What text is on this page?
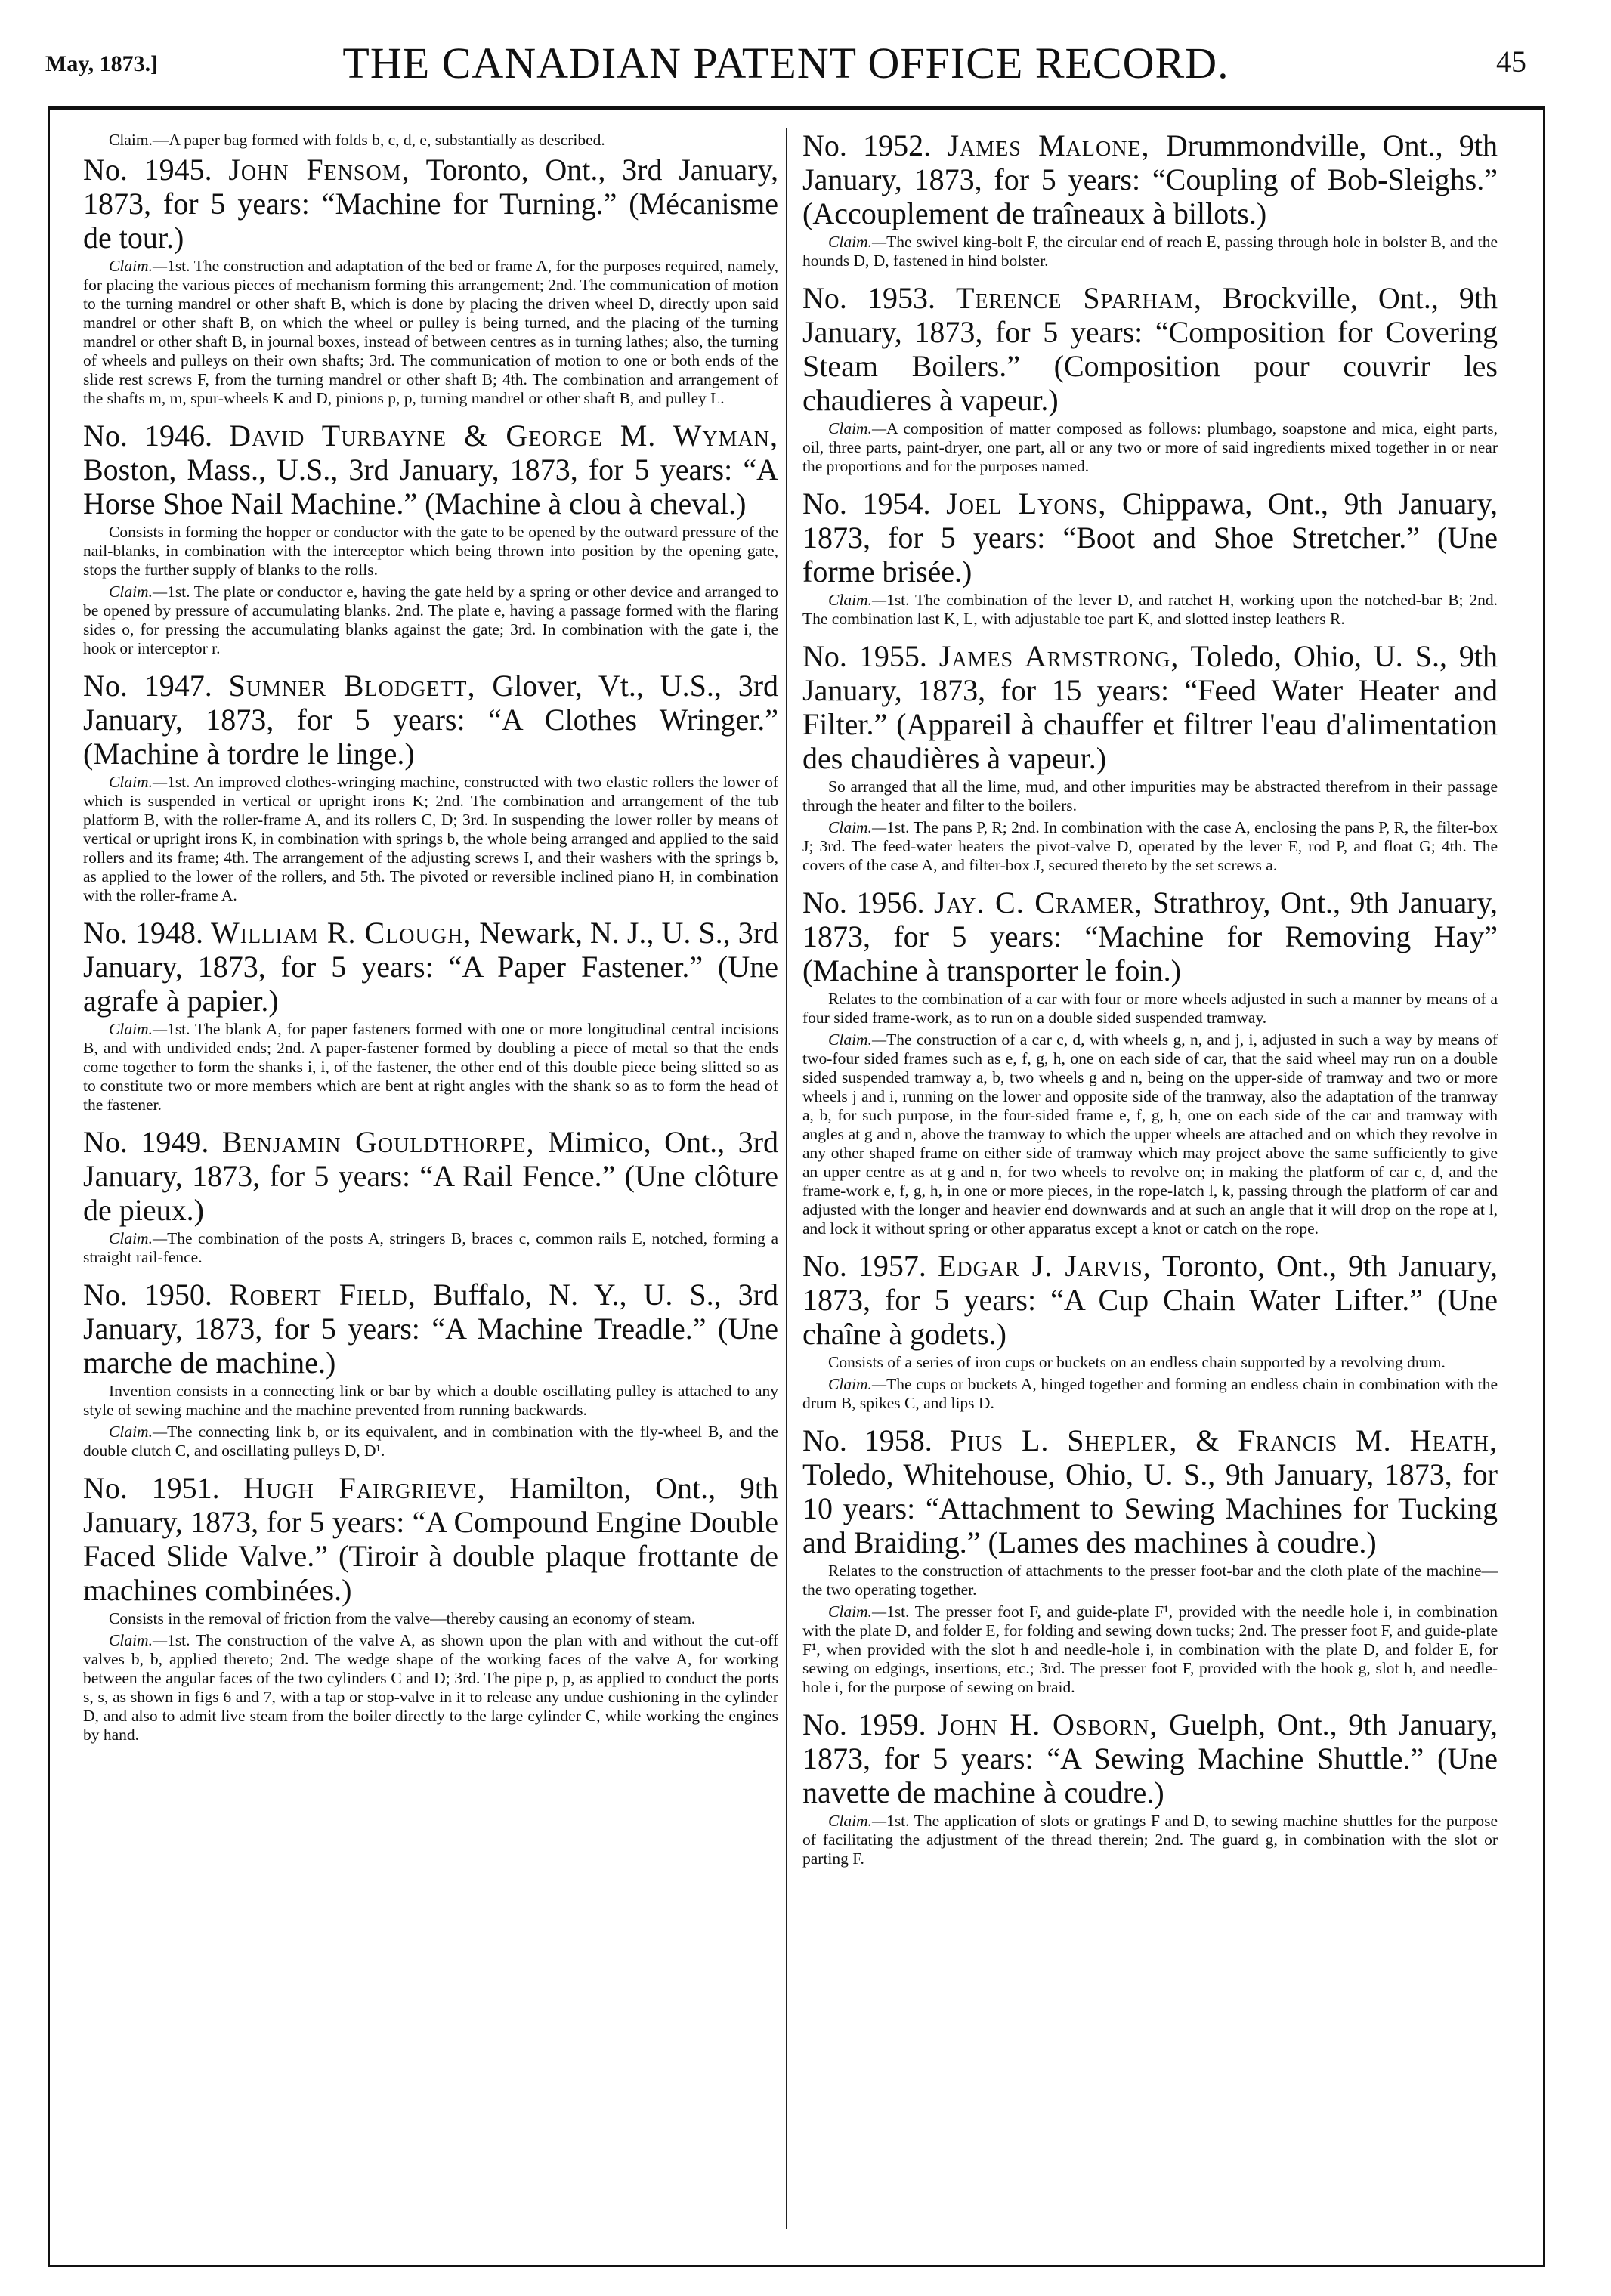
May, 1873.]	THE CANADIAN PATENT OFFICE RECORD.	45

Claim.—A paper bag formed with folds b, c, d, e, substantially as described.

No. 1945. John Fensom, Toronto, Ont., 3rd January, 1873, for 5 years: “Machine for Turning.” (Mécanisme de tour.)

Claim.—1st. The construction and adaptation of the bed or frame A, for the purposes required, namely, for placing the various pieces of mechanism forming this arrangement; 2nd. The communication of motion to the turning mandrel or other shaft B, which is done by placing the driven wheel D, directly upon said mandrel or other shaft B, on which the wheel or pulley is being turned, and the placing of the turning mandrel or other shaft B, in journal boxes, instead of between centres as in turning lathes; also, the turning of wheels and pulleys on their own shafts; 3rd. The communication of motion to one or both ends of the slide rest screws F, from the turning mandrel or other shaft B; 4th. The combination and arrangement of the shafts m, m, spur-wheels K and D, pinions p, p, turning mandrel or other shaft B, and pulley L.

No. 1946. David Turbayne & George M. Wyman, Boston, Mass., U.S., 3rd January, 1873, for 5 years: “A Horse Shoe Nail Machine.” (Machine à clou à cheval.)

Consists in forming the hopper or conductor with the gate to be opened by the outward pressure of the nail-blanks, in combination with the interceptor which being thrown into position by the opening gate, stops the further supply of blanks to the rolls.

Claim.—1st. The plate or conductor e, having the gate held by a spring or other device and arranged to be opened by pressure of accumulating blanks. 2nd. The plate e, having a passage formed with the flaring sides o, for pressing the accumulating blanks against the gate; 3rd. In combination with the gate i, the hook or interceptor r.

No. 1947. Sumner Blodgett, Glover, Vt., U.S., 3rd January, 1873, for 5 years: “A Clothes Wringer.” (Machine à tordre le linge.)

Claim.—1st. An improved clothes-wringing machine, constructed with two elastic rollers the lower of which is suspended in vertical or upright irons K; 2nd. The combination and arrangement of the tub platform B, with the roller-frame A, and its rollers C, D; 3rd. In suspending the lower roller by means of vertical or upright irons K, in combination with springs b, the whole being arranged and applied to the said rollers and its frame; 4th. The arrangement of the adjusting screws I, and their washers with the springs b, as applied to the lower of the rollers, and 5th. The pivoted or reversible inclined piano H, in combination with the roller-frame A.

No. 1948. William R. Clough, Newark, N. J., U. S., 3rd January, 1873, for 5 years: “A Paper Fastener.” (Une agrafe à papier.)

Claim.—1st. The blank A, for paper fasteners formed with one or more longitudinal central incisions B, and with undivided ends; 2nd. A paper-fastener formed by doubling a piece of metal so that the ends come together to form the shanks i, i, of the fastener, the other end of this double piece being slitted so as to constitute two or more members which are bent at right angles with the shank so as to form the head of the fastener.

No. 1949. Benjamin Gouldthorpe, Mimico, Ont., 3rd January, 1873, for 5 years: “A Rail Fence.” (Une clôture de pieux.)

Claim.—The combination of the posts A, stringers B, braces c, common rails E, notched, forming a straight rail-fence.

No. 1950. Robert Field, Buffalo, N. Y., U. S., 3rd January, 1873, for 5 years: “A Machine Treadle.” (Une marche de machine.)

Invention consists in a connecting link or bar by which a double oscillating pulley is attached to any style of sewing machine and the machine prevented from running backwards.

Claim.—The connecting link b, or its equivalent, and in combination with the fly-wheel B, and the double clutch C, and oscillating pulleys D, D¹.

No. 1951. Hugh Fairgrieve, Hamilton, Ont., 9th January, 1873, for 5 years: “A Compound Engine Double Faced Slide Valve.” (Tiroir à double plaque frottante de machines combinées.)

Consists in the removal of friction from the valve—thereby causing an economy of steam.

Claim.—1st. The construction of the valve A, as shown upon the plan with and without the cut-off valves b, b, applied thereto; 2nd. The wedge shape of the working faces of the valve A, for working between the angular faces of the two cylinders C and D; 3rd. The pipe p, p, as applied to conduct the ports s, s, as shown in figs 6 and 7, with a tap or stop-valve in it to release any undue cushioning in the cylinder D, and also to admit live steam from the boiler directly to the large cylinder C, while working the engines by hand.

No. 1952. James Malone, Drummondville, Ont., 9th January, 1873, for 5 years: “Coupling of Bob-Sleighs.” (Accouplement de traîneaux à billots.)

Claim.—The swivel king-bolt F, the circular end of reach E, passing through hole in bolster B, and the hounds D, D, fastened in hind bolster.

No. 1953. Terence Sparham, Brockville, Ont., 9th January, 1873, for 5 years: “Composition for Covering Steam Boilers.” (Composition pour couvrir les chaudieres à vapeur.)

Claim.—A composition of matter composed as follows: plumbago, soapstone and mica, eight parts, oil, three parts, paint-dryer, one part, all or any two or more of said ingredients mixed together in or near the proportions and for the purposes named.

No. 1954. Joel Lyons, Chippawa, Ont., 9th January, 1873, for 5 years: “Boot and Shoe Stretcher.” (Une forme brisée.)

Claim.—1st. The combination of the lever D, and ratchet H, working upon the notched-bar B; 2nd. The combination last K, L, with adjustable toe part K, and slotted instep leathers R.

No. 1955. James Armstrong, Toledo, Ohio, U. S., 9th January, 1873, for 15 years: “Feed Water Heater and Filter.” (Appareil à chauffer et filtrer l'eau d'alimentation des chaudières à vapeur.)

So arranged that all the lime, mud, and other impurities may be abstracted therefrom in their passage through the heater and filter to the boilers.

Claim.—1st. The pans P, R; 2nd. In combination with the case A, enclosing the pans P, R, the filter-box J; 3rd. The feed-water heaters the pivot-valve D, operated by the lever E, rod P, and float G; 4th. The covers of the case A, and filter-box J, secured thereto by the set screws a.

No. 1956. Jay. C. Cramer, Strathroy, Ont., 9th January, 1873, for 5 years: “Machine for Removing Hay” (Machine à transporter le foin.)

Relates to the combination of a car with four or more wheels adjusted in such a manner by means of a four sided frame-work, as to run on a double sided suspended tramway.

Claim.—The construction of a car c, d, with wheels g, n, and j, i, adjusted in such a way by means of two-four sided frames such as e, f, g, h, one on each side of car, that the said wheel may run on a double sided suspended tramway a, b, two wheels g and n, being on the upper-side of tramway and two or more wheels j and i, running on the lower and opposite side of the tramway, also the adaptation of the tramway a, b, for such purpose, in the four-sided frame e, f, g, h, one on each side of the car and tramway with angles at g and n, above the tramway to which the upper wheels are attached and on which they revolve in any other shaped frame on either side of tramway which may project above the same sufficiently to give an upper centre as at g and n, for two wheels to revolve on; in making the platform of car c, d, and the frame-work e, f, g, h, in one or more pieces, in the rope-latch l, k, passing through the platform of car and adjusted with the longer and heavier end downwards and at such an angle that it will drop on the rope at l, and lock it without spring or other apparatus except a knot or catch on the rope.

No. 1957. Edgar J. Jarvis, Toronto, Ont., 9th January, 1873, for 5 years: “A Cup Chain Water Lifter.” (Une chaîne à godets.)

Consists of a series of iron cups or buckets on an endless chain supported by a revolving drum.

Claim.—The cups or buckets A, hinged together and forming an endless chain in combination with the drum B, spikes C, and lips D.

No. 1958. Pius L. Shepler, & Francis M. Heath, Toledo, Whitehouse, Ohio, U. S., 9th January, 1873, for 10 years: “Attachment to Sewing Machines for Tucking and Braiding.” (Lames des machines à coudre.)

Relates to the construction of attachments to the presser foot-bar and the cloth plate of the machine—the two operating together.

Claim.—1st. The presser foot F, and guide-plate F¹, provided with the needle hole i, in combination with the plate D, and folder E, for folding and sewing down tucks; 2nd. The presser foot F, and guide-plate F¹, when provided with the slot h and needle-hole i, in combination with the plate D, and folder E, for sewing on edgings, insertions, etc.; 3rd. The presser foot F, provided with the hook g, slot h, and needle-hole i, for the purpose of sewing on braid.

No. 1959. John H. Osborn, Guelph, Ont., 9th January, 1873, for 5 years: “A Sewing Machine Shuttle.” (Une navette de machine à coudre.)

Claim.—1st. The application of slots or gratings F and D, to sewing machine shuttles for the purpose of facilitating the adjustment of the thread therein; 2nd. The guard g, in combination with the slot or parting F.
